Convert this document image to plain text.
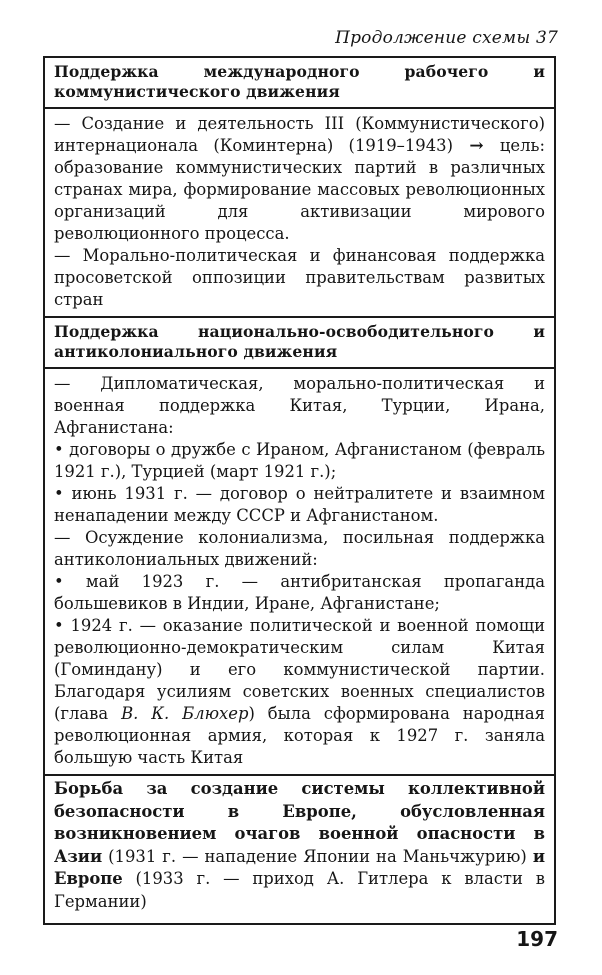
Продолжение схемы 37
Поддержка международного рабочего и коммунистического движения

— Создание и деятельность III (Коммунистического) интернационала (Коминтерна) (1919–1943) → цель: образование коммунистических партий в различных странах мира, формирование массовых революционных организаций для активизации мирового революционного процесса.

— Морально-политическая и финансовая поддержка просоветской оппозиции правительствам развитых стран

Поддержка национально-освободительного и антиколониального движения

— Дипломатическая, морально-политическая и военная поддержка Китая, Турции, Ирана, Афганистана:

• договоры о дружбе с Ираном, Афганистаном (февраль 1921 г.), Турцией (март 1921 г.);

• июнь 1931 г. — договор о нейтралитете и взаимном ненападении между СССР и Афганистаном.

— Осуждение колониализма, посильная поддержка антиколониальных движений:

• май 1923 г. — антибританская пропаганда большевиков в Индии, Иране, Афганистане;

• 1924 г. — оказание политической и военной помощи революционно-демократическим силам Китая (Гоминдану) и его коммунистической партии. Благодаря усилиям советских военных специалистов (глава В. К. Блюхер) была сформирована народная революционная армия, которая к 1927 г. заняла большую часть Китая

Борьба за создание системы коллективной безопасности в Европе, обусловленная возникновением очагов военной опасности в Азии (1931 г. — нападение Японии на Маньчжурию) и Европе (1933 г. — приход А. Гитлера к власти в Германии)
197
